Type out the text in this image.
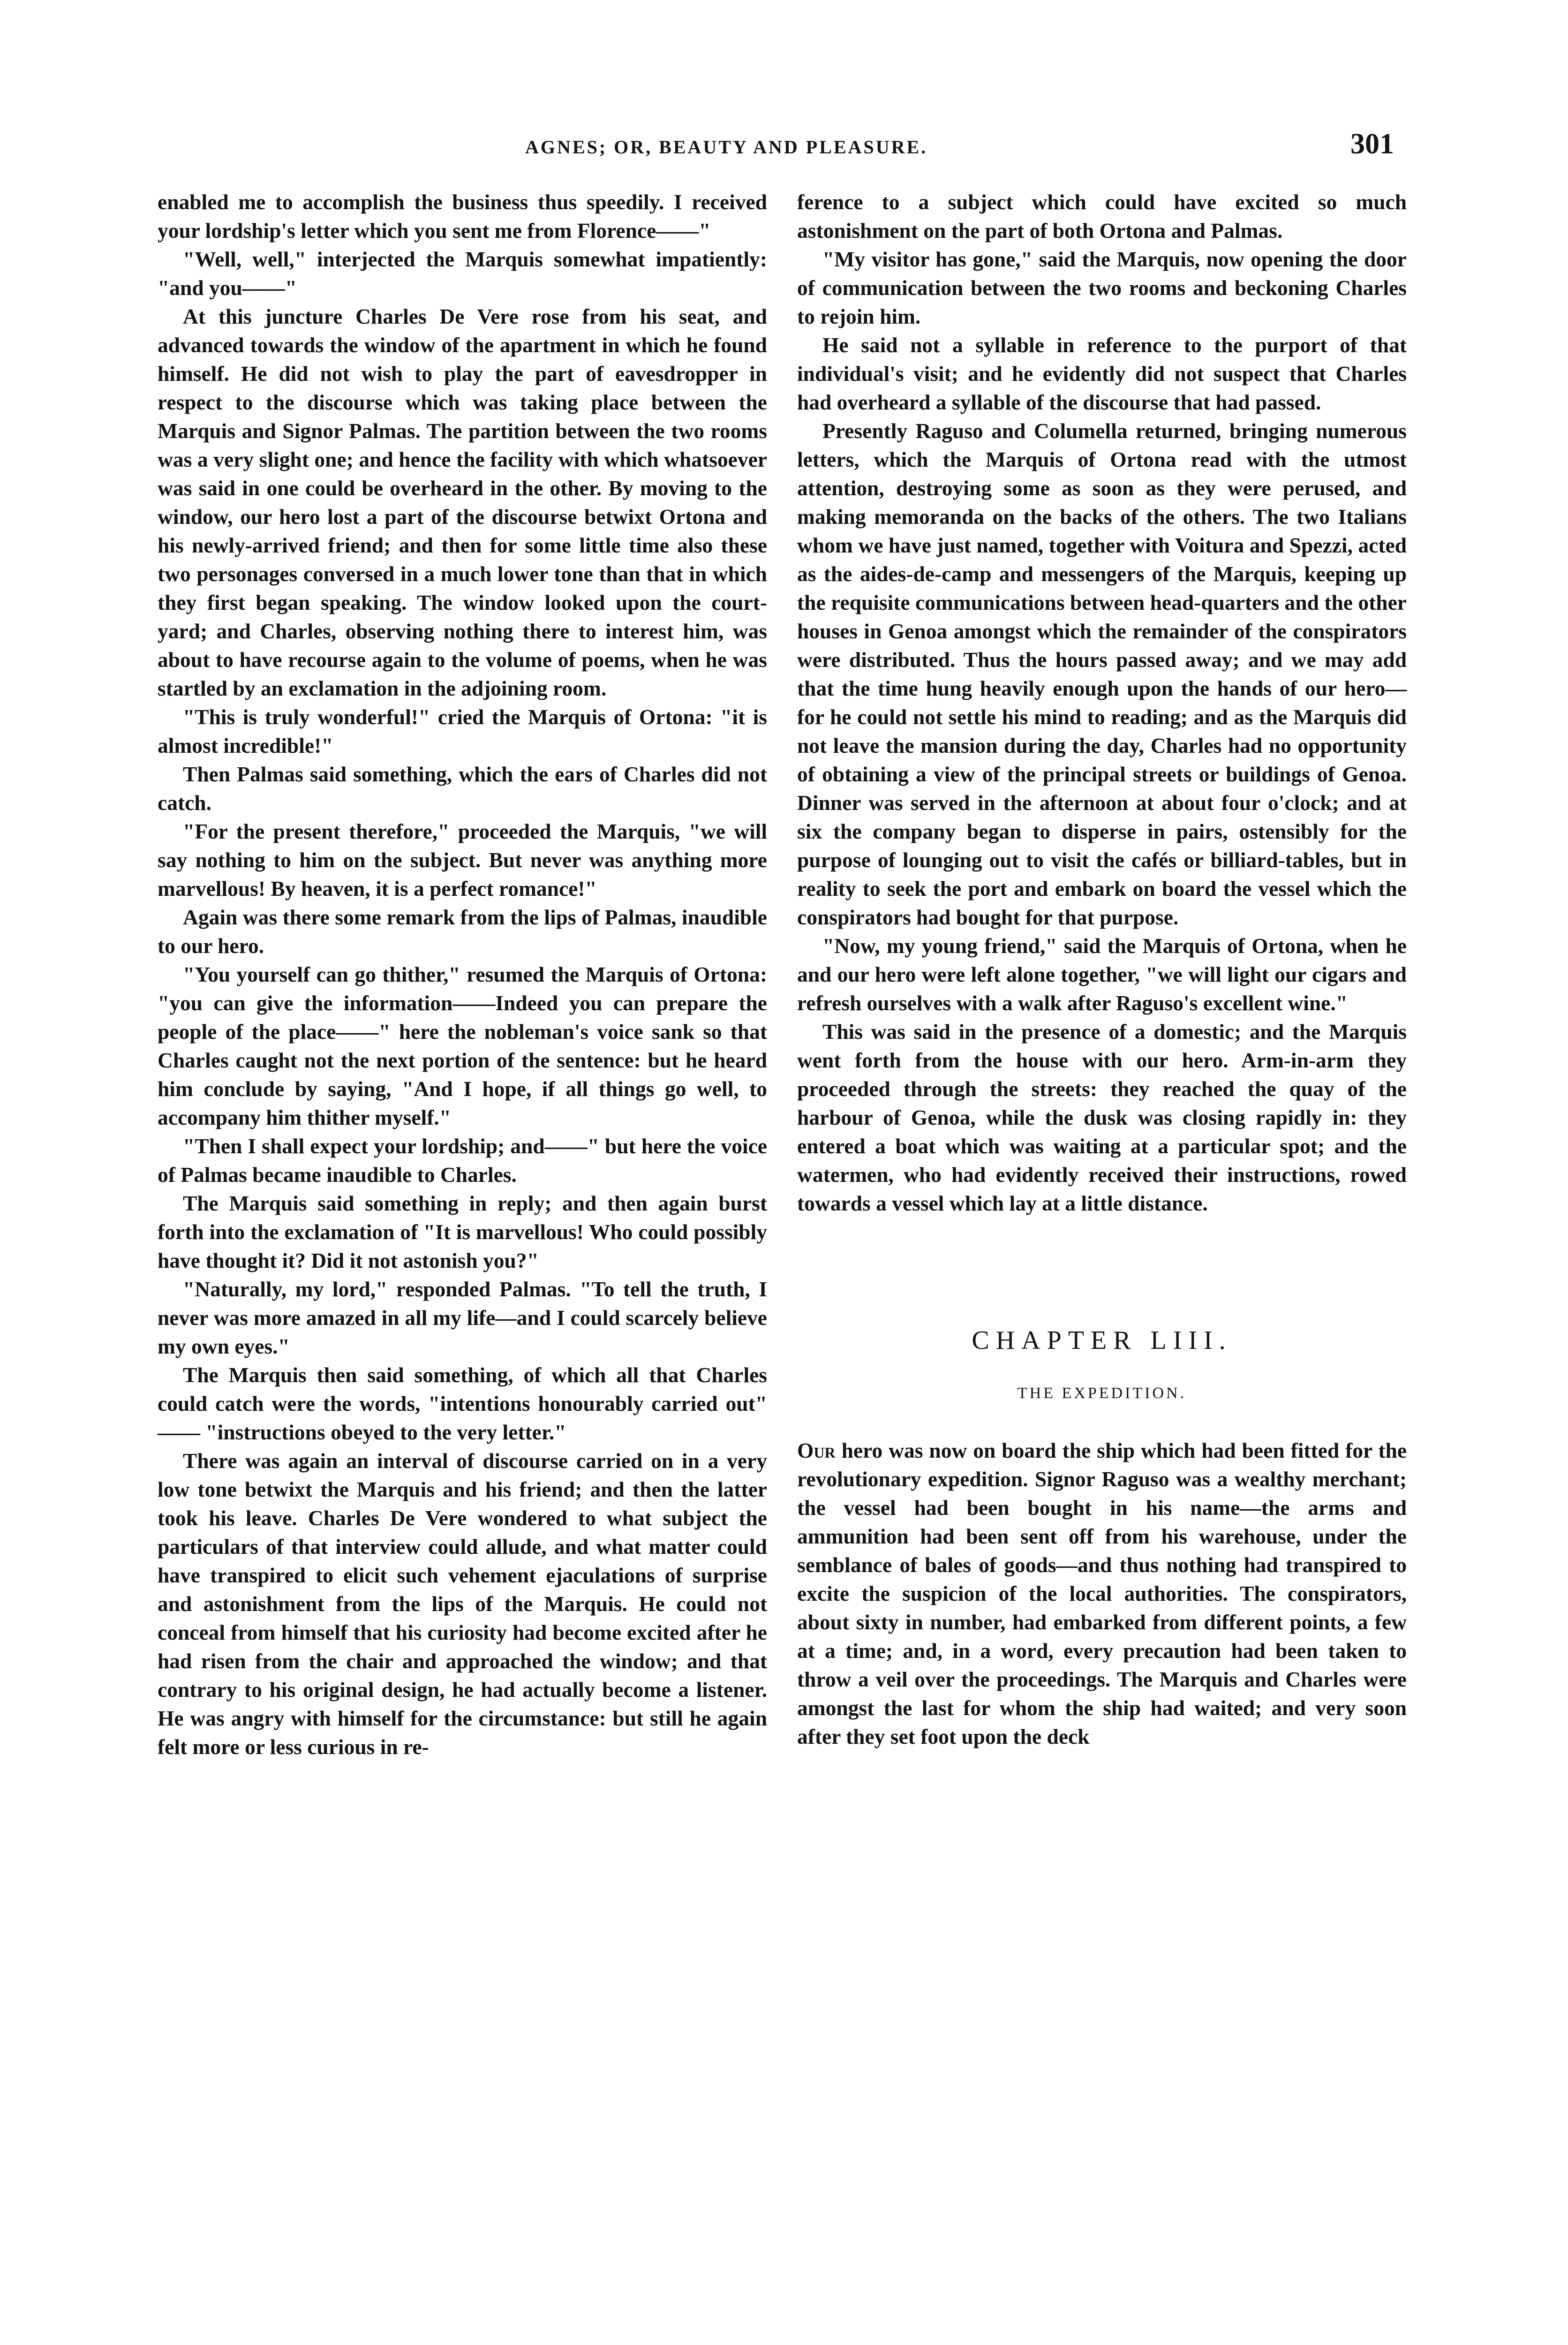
AGNES; OR, BEAUTY AND PLEASURE.	301

enabled me to accomplish the business thus speedily. I received your lordship's letter which you sent me from Florence——"

"Well, well," interjected the Marquis somewhat impatiently: "and you——"

At this juncture Charles De Vere rose from his seat, and advanced towards the window of the apartment in which he found himself. He did not wish to play the part of eavesdropper in respect to the discourse which was taking place between the Marquis and Signor Palmas. The partition between the two rooms was a very slight one; and hence the facility with which whatsoever was said in one could be overheard in the other. By moving to the window, our hero lost a part of the discourse betwixt Ortona and his newly-arrived friend; and then for some little time also these two personages conversed in a much lower tone than that in which they first began speaking. The window looked upon the court-yard; and Charles, observing nothing there to interest him, was about to have recourse again to the volume of poems, when he was startled by an exclamation in the adjoining room.

"This is truly wonderful!" cried the Marquis of Ortona: "it is almost incredible!"

Then Palmas said something, which the ears of Charles did not catch.

"For the present therefore," proceeded the Marquis, "we will say nothing to him on the subject. But never was anything more marvellous! By heaven, it is a perfect romance!"

Again was there some remark from the lips of Palmas, inaudible to our hero.

"You yourself can go thither," resumed the Marquis of Ortona: "you can give the information——Indeed you can prepare the people of the place——" here the nobleman's voice sank so that Charles caught not the next portion of the sentence: but he heard him conclude by saying, "And I hope, if all things go well, to accompany him thither myself."

"Then I shall expect your lordship; and——" but here the voice of Palmas became inaudible to Charles.

The Marquis said something in reply; and then again burst forth into the exclamation of "It is marvellous! Who could possibly have thought it? Did it not astonish you?"

"Naturally, my lord," responded Palmas. "To tell the truth, I never was more amazed in all my life—and I could scarcely believe my own eyes."

The Marquis then said something, of which all that Charles could catch were the words, "intentions honourably carried out" —— "instructions obeyed to the very letter."

There was again an interval of discourse carried on in a very low tone betwixt the Marquis and his friend; and then the latter took his leave. Charles De Vere wondered to what subject the particulars of that interview could allude, and what matter could have transpired to elicit such vehement ejaculations of surprise and astonishment from the lips of the Marquis. He could not conceal from himself that his curiosity had become excited after he had risen from the chair and approached the window; and that contrary to his original design, he had actually become a listener. He was angry with himself for the circumstance: but still he again felt more or less curious in re-

ference to a subject which could have excited so much astonishment on the part of both Ortona and Palmas.

"My visitor has gone," said the Marquis, now opening the door of communication between the two rooms and beckoning Charles to rejoin him.

He said not a syllable in reference to the purport of that individual's visit; and he evidently did not suspect that Charles had overheard a syllable of the discourse that had passed.

Presently Raguso and Columella returned, bringing numerous letters, which the Marquis of Ortona read with the utmost attention, destroying some as soon as they were perused, and making memoranda on the backs of the others. The two Italians whom we have just named, together with Voitura and Spezzi, acted as the aides-de-camp and messengers of the Marquis, keeping up the requisite communications between head-quarters and the other houses in Genoa amongst which the remainder of the conspirators were distributed. Thus the hours passed away; and we may add that the time hung heavily enough upon the hands of our hero—for he could not settle his mind to reading; and as the Marquis did not leave the mansion during the day, Charles had no opportunity of obtaining a view of the principal streets or buildings of Genoa. Dinner was served in the afternoon at about four o'clock; and at six the company began to disperse in pairs, ostensibly for the purpose of lounging out to visit the cafés or billiard-tables, but in reality to seek the port and embark on board the vessel which the conspirators had bought for that purpose.

"Now, my young friend," said the Marquis of Ortona, when he and our hero were left alone together, "we will light our cigars and refresh ourselves with a walk after Raguso's excellent wine."

This was said in the presence of a domestic; and the Marquis went forth from the house with our hero. Arm-in-arm they proceeded through the streets: they reached the quay of the harbour of Genoa, while the dusk was closing rapidly in: they entered a boat which was waiting at a particular spot; and the watermen, who had evidently received their instructions, rowed towards a vessel which lay at a little distance.

CHAPTER LIII.
THE EXPEDITION.

Our hero was now on board the ship which had been fitted for the revolutionary expedition. Signor Raguso was a wealthy merchant; the vessel had been bought in his name—the arms and ammunition had been sent off from his warehouse, under the semblance of bales of goods—and thus nothing had transpired to excite the suspicion of the local authorities. The conspirators, about sixty in number, had embarked from different points, a few at a time; and, in a word, every precaution had been taken to throw a veil over the proceedings. The Marquis and Charles were amongst the last for whom the ship had waited; and very soon after they set foot upon the deck
